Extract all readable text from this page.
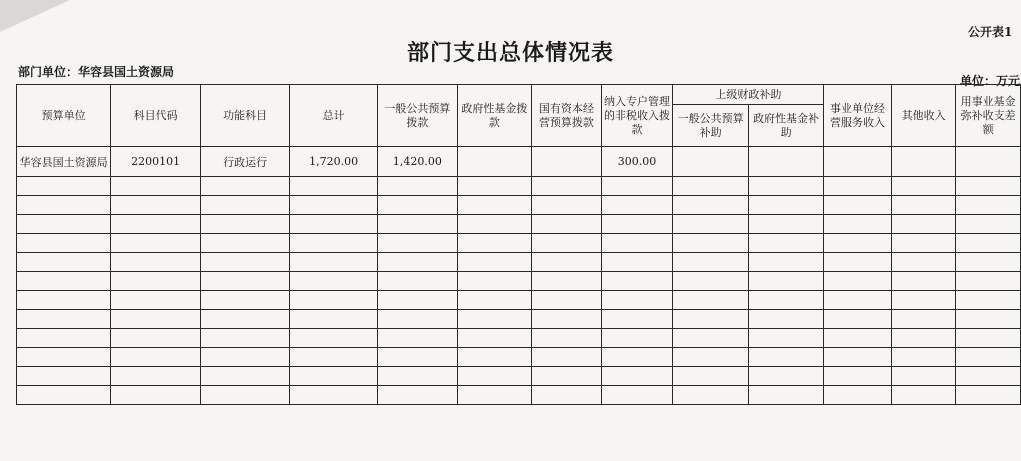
公开表1
部门支出总体情况表
部门单位：华容县国土资源局
单位：万元
预算单位	科目代码	功能科目	总计	一般公共预算拨款	政府性基金拨款	国有资本经营预算拨款	纳入专户管理的非税收入拨款	上级财政补助		事业单位经营服务收入	其他收入	用事业基金弥补收支差额
								一般公共预算补助	政府性基金补助			
华容县国土资源局	2200101	行政运行	1,720.00	1,420.00			300.00					
